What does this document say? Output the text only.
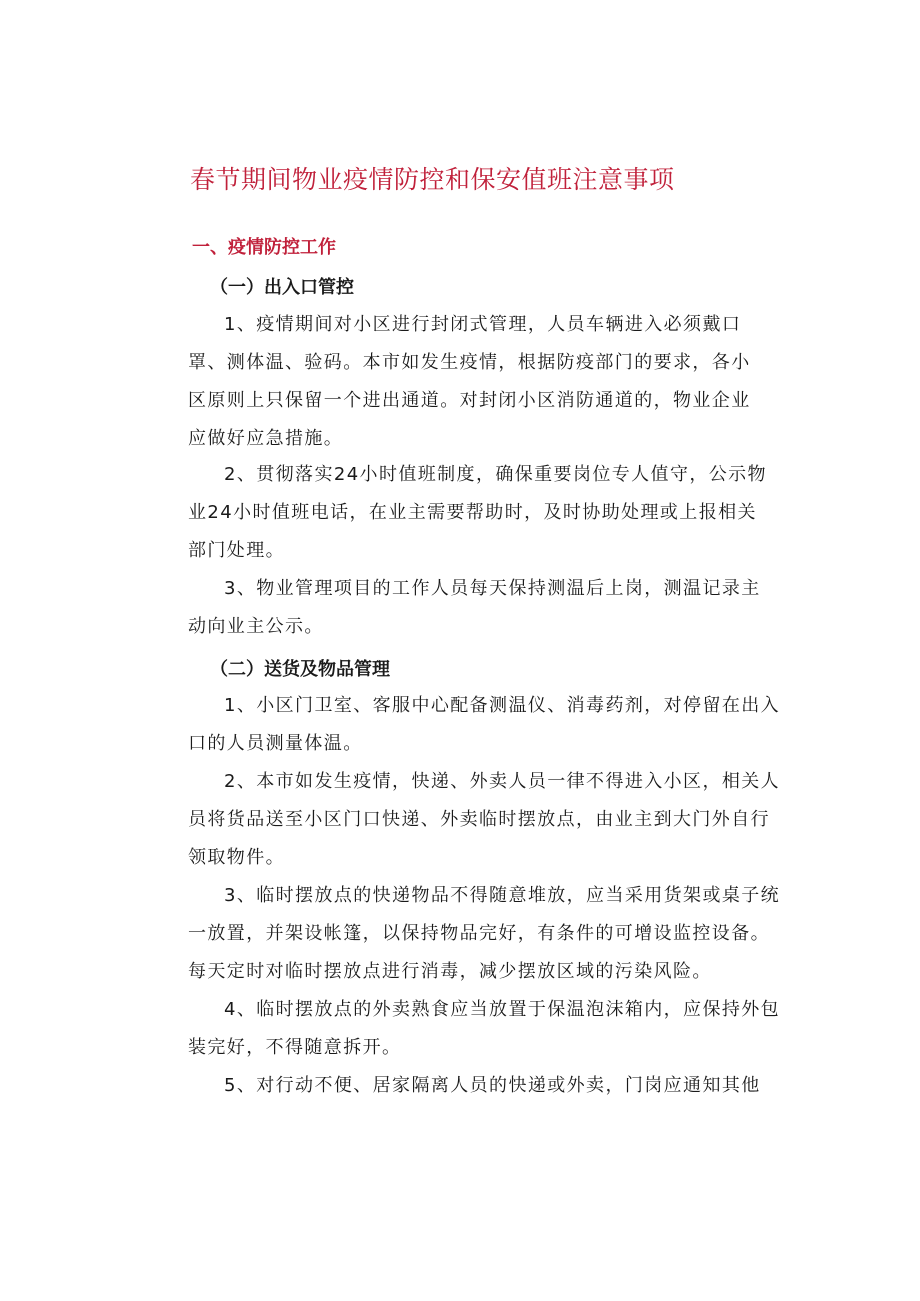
春节期间物业疫情防控和保安值班注意事项
一、疫情防控工作
（一）出入口管控
1、疫情期间对小区进行封闭式管理，人员车辆进入必须戴口
罩、测体温、验码。本市如发生疫情，根据防疫部门的要求，各小
区原则上只保留一个进出通道。对封闭小区消防通道的，物业企业
应做好应急措施。
2、贯彻落实24小时值班制度，确保重要岗位专人值守，公示物
业24小时值班电话，在业主需要帮助时，及时协助处理或上报相关
部门处理。
3、物业管理项目的工作人员每天保持测温后上岗，测温记录主
动向业主公示。
（二）送货及物品管理
1、小区门卫室、客服中心配备测温仪、消毒药剂，对停留在出入
口的人员测量体温。
2、本市如发生疫情，快递、外卖人员一律不得进入小区，相关人
员将货品送至小区门口快递、外卖临时摆放点，由业主到大门外自行
领取物件。
3、临时摆放点的快递物品不得随意堆放，应当采用货架或桌子统
一放置，并架设帐篷，以保持物品完好，有条件的可增设监控设备。
每天定时对临时摆放点进行消毒，减少摆放区域的污染风险。
4、临时摆放点的外卖熟食应当放置于保温泡沫箱内，应保持外包
装完好，不得随意拆开。
5、对行动不便、居家隔离人员的快递或外卖，门岗应通知其他
